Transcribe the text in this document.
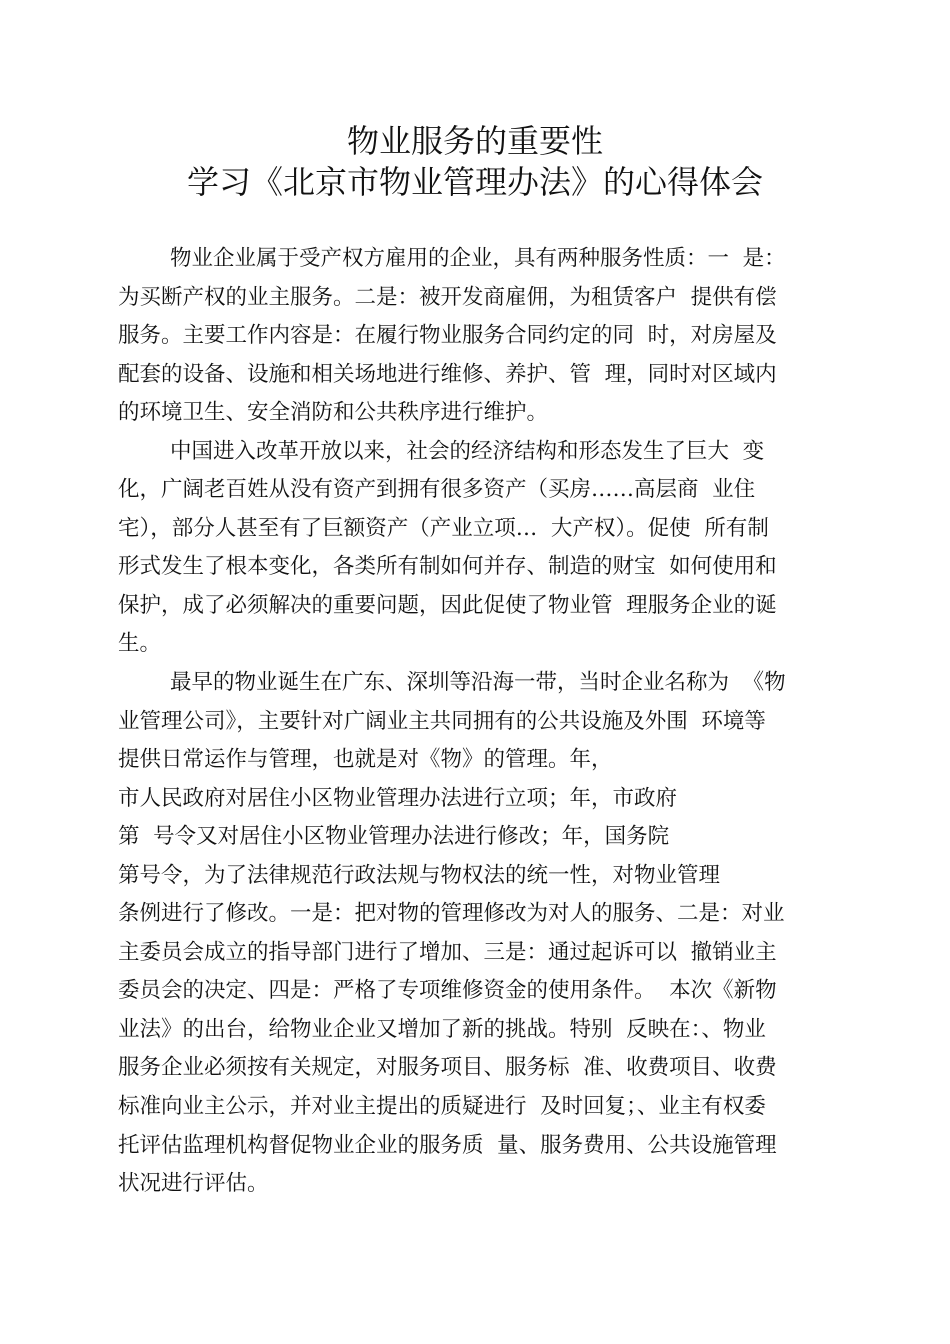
物业服务的重要性
学习《北京市物业管理办法》的心得体会
物业企业属于受产权方雇用的企业，具有两种服务性质：一  是：
为买断产权的业主服务。二是：被开发商雇佣，为租赁客户  提供有偿
服务。主要工作内容是：在履行物业服务合同约定的同  时，对房屋及
配套的设备、设施和相关场地进行维修、养护、管  理，同时对区域内
的环境卫生、安全消防和公共秩序进行维护。
中国进入改革开放以来，社会的经济结构和形态发生了巨大  变
化，广阔老百姓从没有资产到拥有很多资产（买房……高层商  业住
宅），部分人甚至有了巨额资产（产业立项…  大产权）。促使  所有制
形式发生了根本变化，各类所有制如何并存、制造的财宝  如何使用和
保护，成了必须解决的重要问题，因此促使了物业管  理服务企业的诞
生。
最早的物业诞生在广东、深圳等沿海一带，当时企业名称为  《物
业管理公司》，主要针对广阔业主共同拥有的公共设施及外围  环境等
提供日常运作与管理，也就是对《物》的管理。年，
市人民政府对居住小区物业管理办法进行立项；年，市政府
第  号令又对居住小区物业管理办法进行修改；年，国务院
第号令，为了法律规范行政法规与物权法的统一性，对物业管理
条例进行了修改。一是：把对物的管理修改为对人的服务、二是：对业
主委员会成立的指导部门进行了增加、三是：通过起诉可以  撤销业主
委员会的决定、四是：严格了专项维修资金的使用条件。  本次《新物
业法》的出台，给物业企业又增加了新的挑战。特别  反映在：、物业
服务企业必须按有关规定，对服务项目、服务标  准、收费项目、收费
标准向业主公示，并对业主提出的质疑进行  及时回复；、业主有权委
托评估监理机构督促物业企业的服务质  量、服务费用、公共设施管理
状况进行评估。
